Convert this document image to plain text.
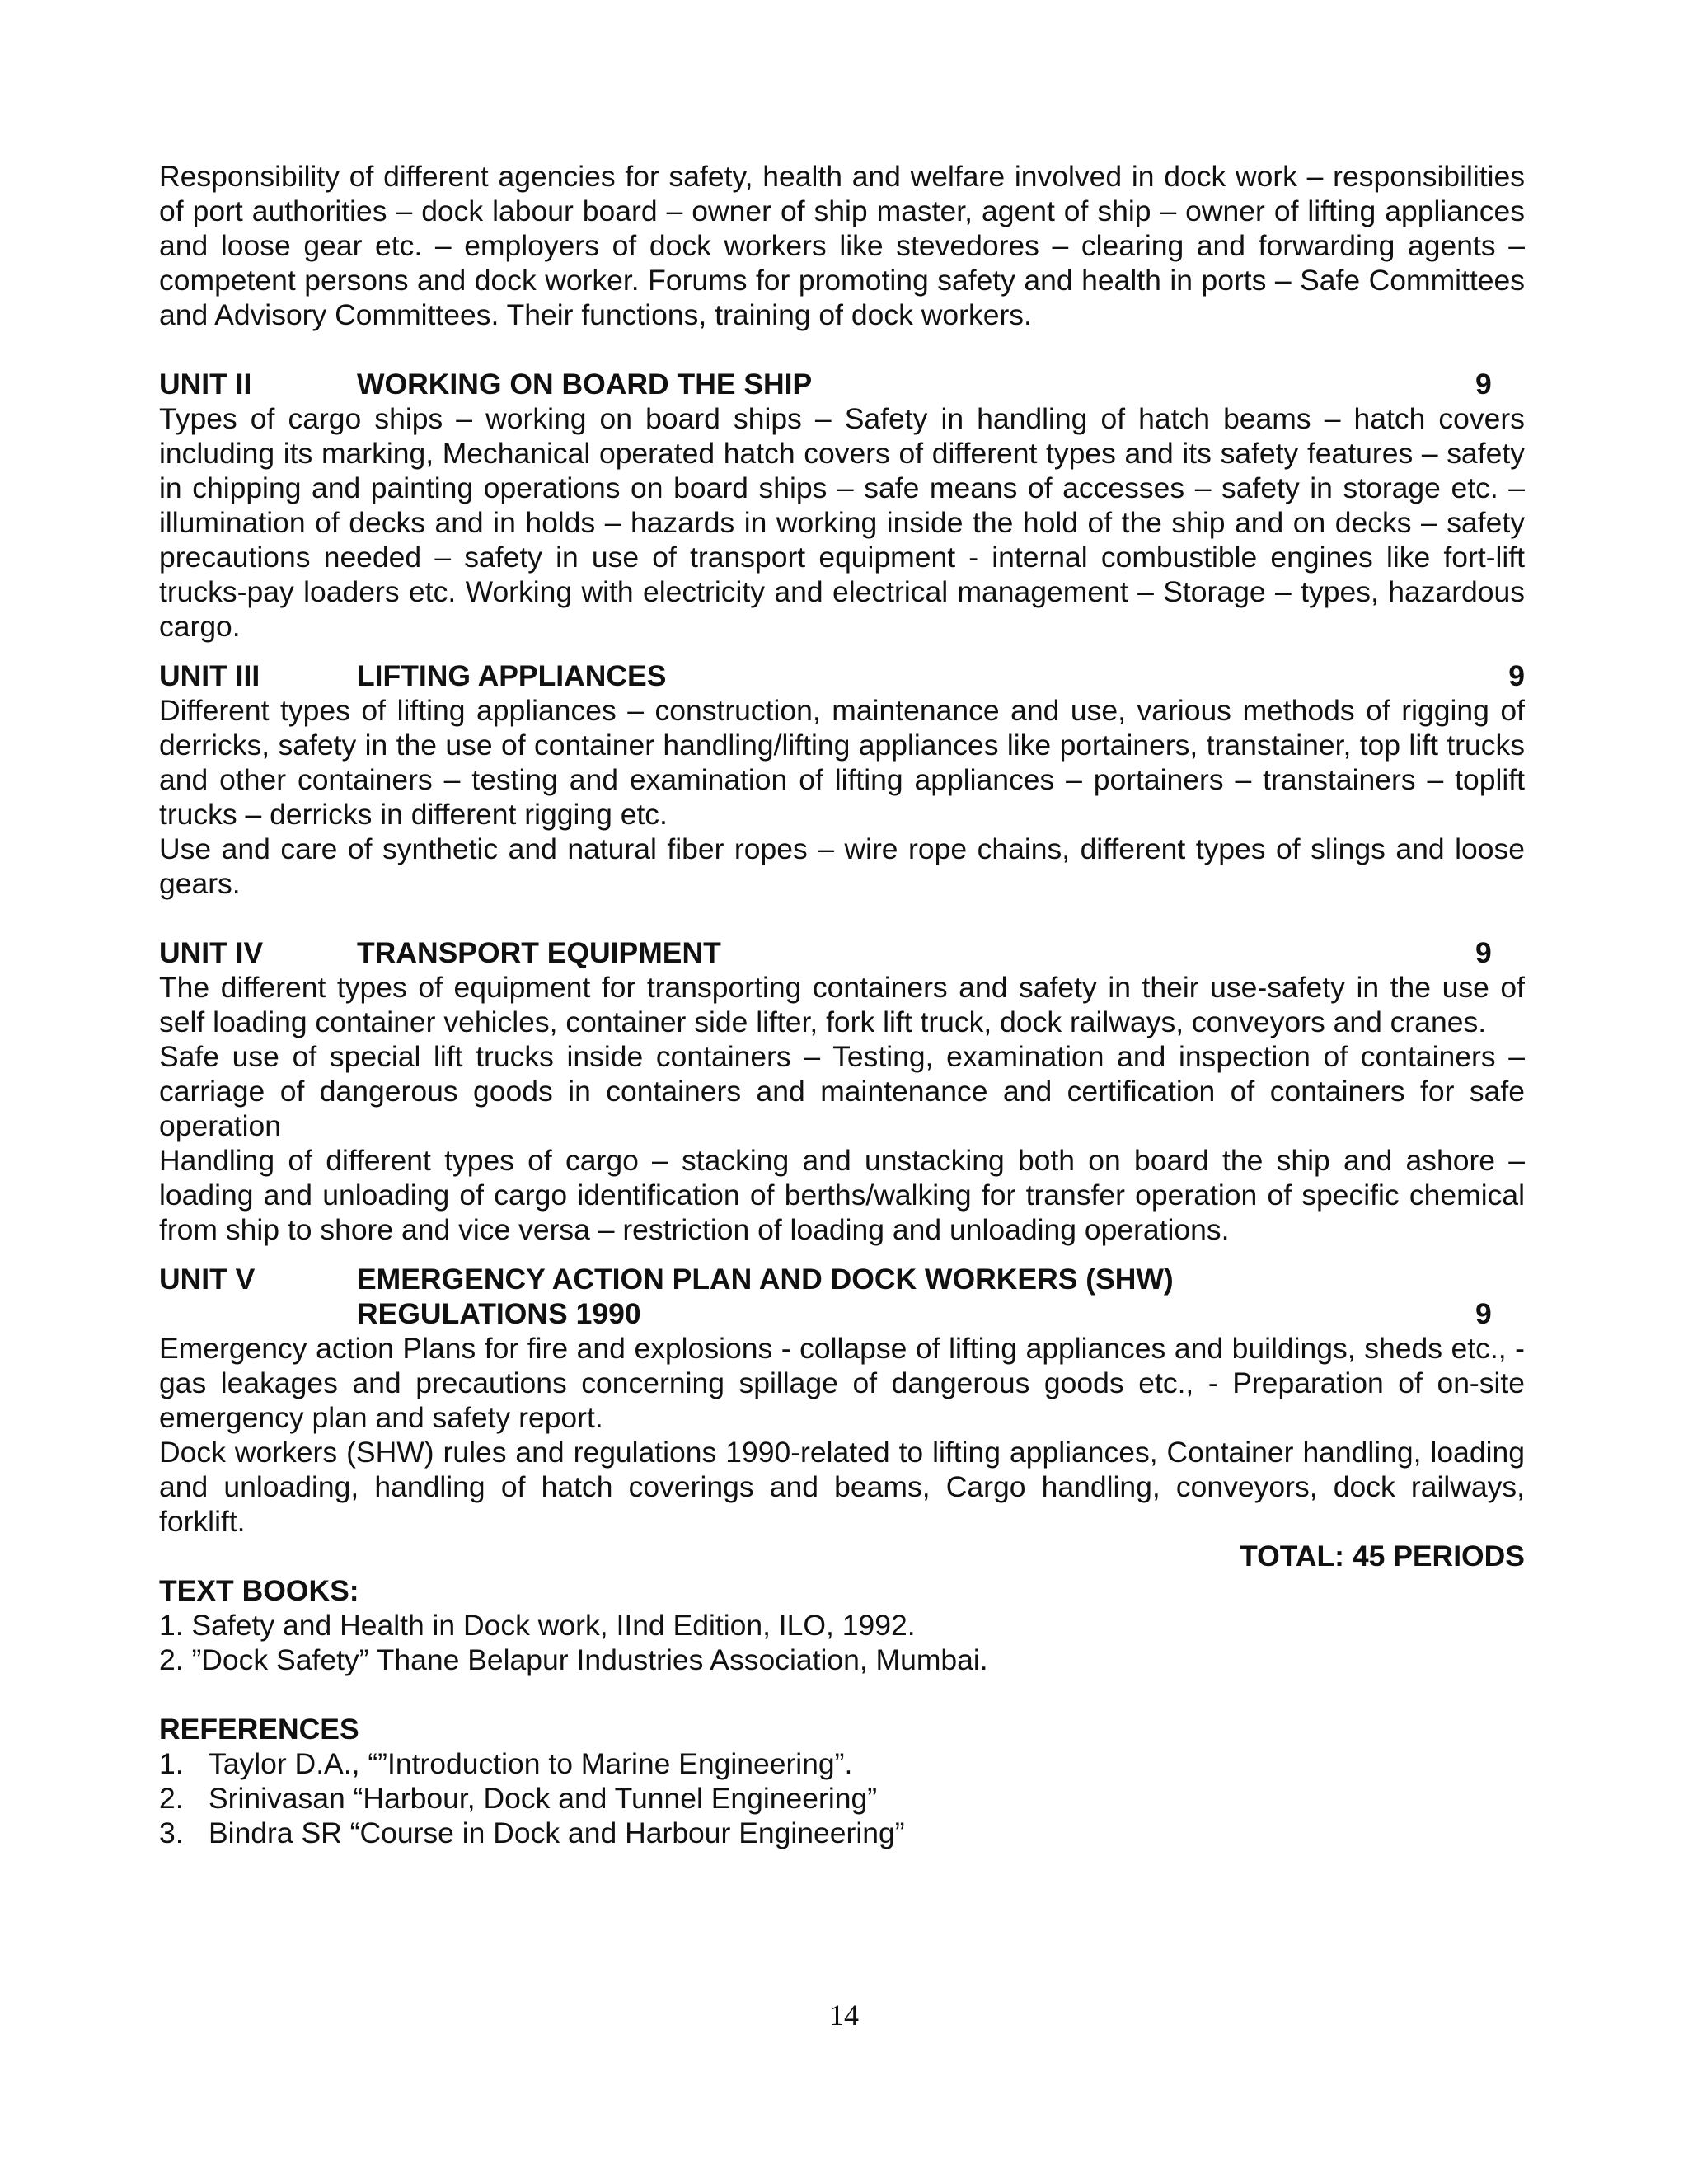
Responsibility of different agencies for safety, health and welfare involved in dock work – responsibilities of port authorities – dock labour board – owner of ship master, agent of ship – owner of lifting appliances and loose gear etc. – employers of dock workers like stevedores – clearing and forwarding agents – competent persons and dock worker. Forums for promoting safety and health in ports – Safe Committees and Advisory Committees. Their functions, training of dock workers.

UNIT II	WORKING ON BOARD THE SHIP	9

Types of cargo ships – working on board ships – Safety in handling of hatch beams – hatch covers including its marking, Mechanical operated hatch covers of different types and its safety features – safety in chipping and painting operations on board ships – safe means of accesses – safety in storage etc. – illumination of decks and in holds – hazards in working inside the hold of the ship and on decks – safety precautions needed – safety in use of transport equipment - internal combustible engines like fort-lift trucks-pay loaders etc. Working with electricity and electrical management – Storage – types, hazardous cargo.

UNIT III	LIFTING APPLIANCES	9

Different types of lifting appliances – construction, maintenance and use, various methods of rigging of derricks, safety in the use of container handling/lifting appliances like portainers, transtainer, top lift trucks and other containers – testing and examination of lifting appliances – portainers – transtainers – toplift trucks – derricks in different rigging etc.

Use and care of synthetic and natural fiber ropes – wire rope chains, different types of slings and loose gears.

UNIT IV	TRANSPORT EQUIPMENT	9

The different types of equipment for transporting containers and safety in their use-safety in the use of self loading container vehicles, container side lifter, fork lift truck, dock railways, conveyors and cranes.

Safe use of special lift trucks inside containers – Testing, examination and inspection of containers – carriage of dangerous goods in containers and maintenance and certification of containers for safe operation

Handling of different types of cargo – stacking and unstacking both on board the ship and ashore – loading and unloading of cargo identification of berths/walking for transfer operation of specific chemical from ship to shore and vice versa – restriction of loading and unloading operations.

UNIT V	EMERGENCY ACTION PLAN AND DOCK WORKERS (SHW)
REGULATIONS 1990	9

Emergency action Plans for fire and explosions - collapse of lifting appliances and buildings, sheds etc., - gas leakages and precautions concerning spillage of dangerous goods etc., - Preparation of on-site emergency plan and safety report.

Dock workers (SHW) rules and regulations 1990-related to lifting appliances, Container handling, loading and unloading, handling of hatch coverings and beams, Cargo handling, conveyors, dock railways, forklift.

TOTAL: 45 PERIODS

TEXT BOOKS:

1. Safety and Health in Dock work, IInd Edition, ILO, 1992.

2. ”Dock Safety” Thane Belapur Industries Association, Mumbai.

REFERENCES

1. Taylor D.A., “”Introduction to Marine Engineering”.
2. Srinivasan “Harbour, Dock and Tunnel Engineering”
3. Bindra SR “Course in Dock and Harbour Engineering”
14
